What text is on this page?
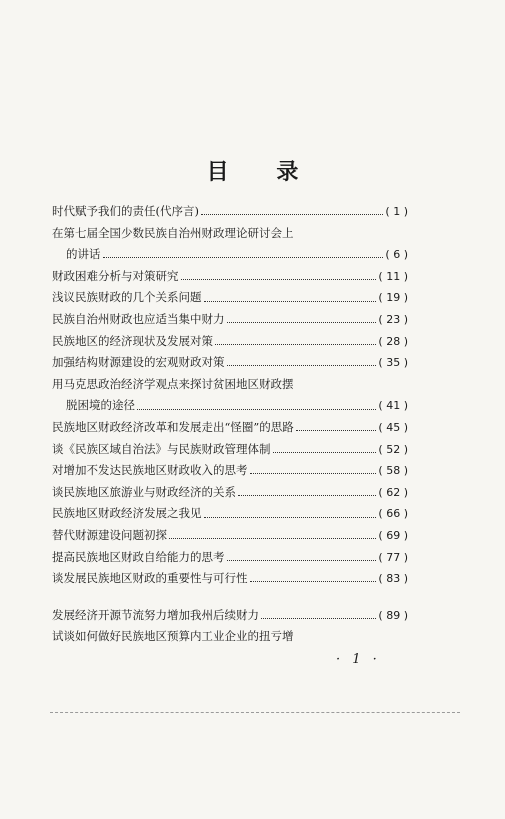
目 录
时代赋予我们的责任(代序言)	( 1 )
在第七届全国少数民族自治州财政理论研讨会上
的讲话	( 6 )
财政困难分析与对策研究	( 11 )
浅议民族财政的几个关系问题	( 19 )
民族自治州财政也应适当集中财力	( 23 )
民族地区的经济现状及发展对策	( 28 )
加强结构财源建设的宏观财政对策	( 35 )
用马克思政治经济学观点来探讨贫困地区财政摆
脱困境的途径	( 41 )
民族地区财政经济改革和发展走出“怪圈”的思路	( 45 )
谈《民族区域自治法》与民族财政管理体制	( 52 )
对增加不发达民族地区财政收入的思考	( 58 )
谈民族地区旅游业与财政经济的关系	( 62 )
民族地区财政经济发展之我见	( 66 )
替代财源建设问题初探	( 69 )
提高民族地区财政自给能力的思考	( 77 )
谈发展民族地区财政的重要性与可行性	( 83 )
发展经济开源节流努力增加我州后续财力	( 89 )
试谈如何做好民族地区预算内工业企业的扭亏增
· 1 ·
